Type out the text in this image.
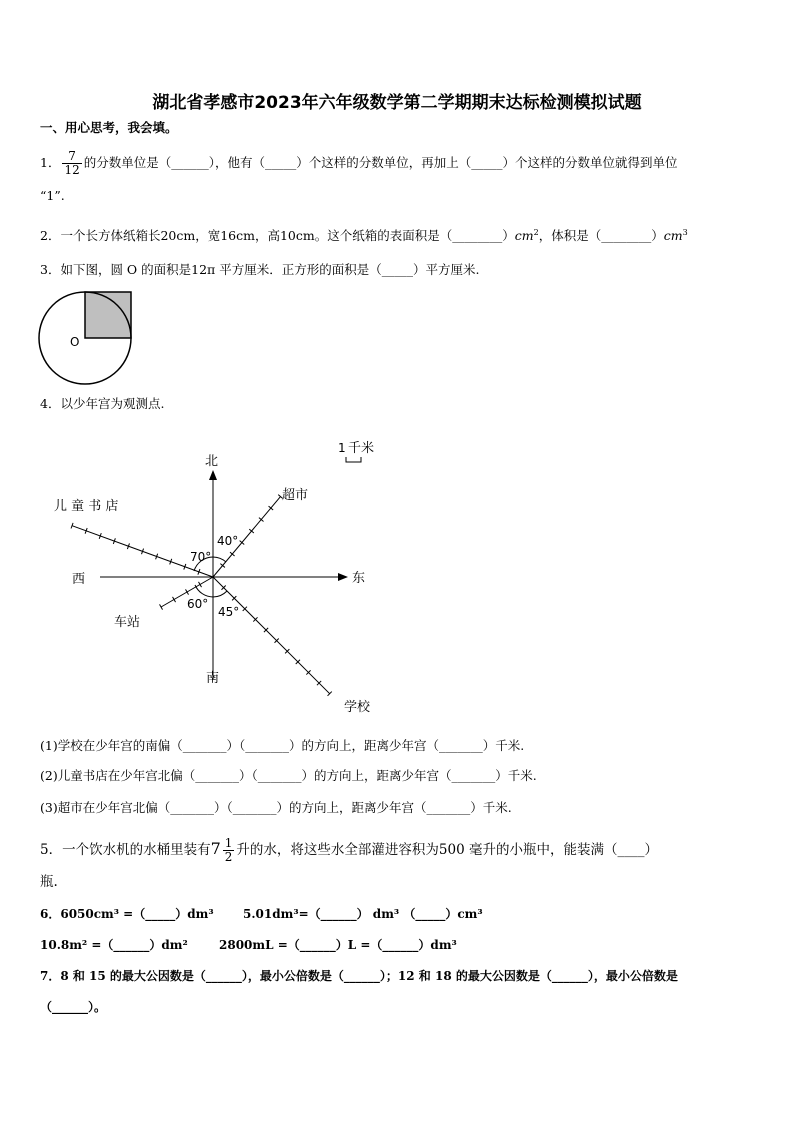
湖北省孝感市2023年六年级数学第二学期期末达标检测模拟试题
一、用心思考，我会填。
1． $\frac{7}{12}$ 的分数单位是（______），他有（_____）个这样的分数单位，再加上（_____）个这样的分数单位就得到单位
“1”.
2．一个长方体纸箱长20cm，宽16cm，高10cm。这个纸箱的表面积是$(\_\_\_\_\_\_\_\_)cm^2$，体积是$(\_\_\_\_\_\_\_\_)cm^3$
3．如下图，圆 O 的面积是12π 平方厘米．正方形的面积是（_____）平方厘米.
O
4．以少年宫为观测点.
1 千米
北
南
东
西
40°
70°
60°
45°
超市
儿 童 书 店
车站
学校
(1)学校在少年宫的南偏（_______）（_______）的方向上，距离少年宫（_______）千米.
(2)儿童书店在少年宫北偏（_______）（_______）的方向上，距离少年宫（_______）千米.
(3)超市在少年宫北偏（_______）（_______）的方向上，距离少年宫（_______）千米.
5．一个饮水机的水桶里装有$7 \frac{1}{2}$ 升的水，将这些水全部灌进容积为500 毫升的小瓶中，能装满（____）
瓶.
6．6050cm³ =（_____）dm³ 5.01dm³=（______） dm³ （_____）cm³
10.8m² =（______）dm²	2800mL =（______）L =（______）dm³
7．8 和 15 的最大公因数是（______），最小公倍数是（______）；12 和 18 的最大公因数是（______），最小公倍数是
（______）。
